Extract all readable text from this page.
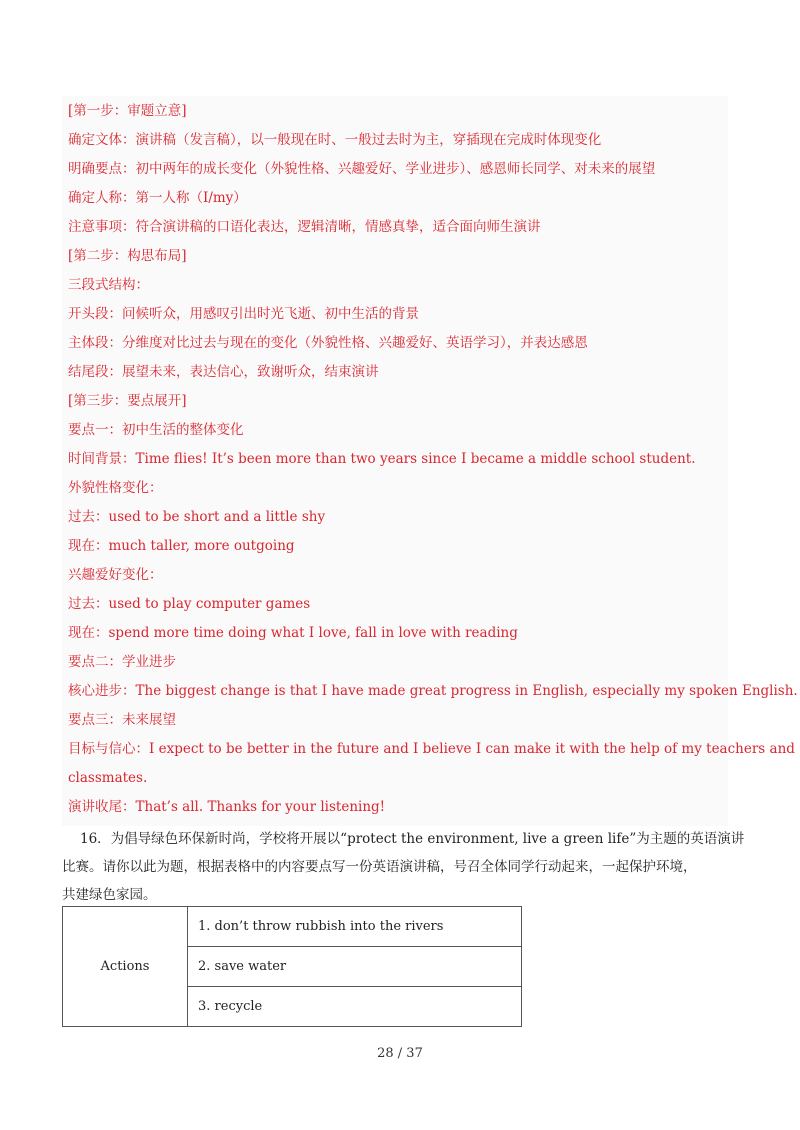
[第一步：审题立意]
确定文体：演讲稿（发言稿），以一般现在时、一般过去时为主，穿插现在完成时体现变化
明确要点：初中两年的成长变化（外貌性格、兴趣爱好、学业进步）、感恩师长同学、对未来的展望
确定人称：第一人称（I/my）
注意事项：符合演讲稿的口语化表达，逻辑清晰，情感真挚，适合面向师生演讲
[第二步：构思布局]
三段式结构：
开头段：问候听众，用感叹引出时光飞逝、初中生活的背景
主体段：分维度对比过去与现在的变化（外貌性格、兴趣爱好、英语学习），并表达感恩
结尾段：展望未来，表达信心，致谢听众，结束演讲
[第三步：要点展开]
要点一：初中生活的整体变化
时间背景：Time flies! It’s been more than two years since I became a middle school student.
外貌性格变化：
过去：used to be short and a little shy
现在：much taller, more outgoing
兴趣爱好变化：
过去：used to play computer games
现在：spend more time doing what I love, fall in love with reading
要点二：学业进步
核心进步：The biggest change is that I have made great progress in English, especially my spoken English.
要点三：未来展望
目标与信心：I expect to be better in the future and I believe I can make it with the help of my teachers and
classmates.
演讲收尾：That’s all. Thanks for your listening!
16．为倡导绿色环保新时尚，学校将开展以“protect the environment, live a green life”为主题的英语演讲
比赛。请你以此为题，根据表格中的内容要点写一份英语演讲稿，号召全体同学行动起来，一起保护环境，
共建绿色家园。
Actions	1. don’t throw rubbish into the rivers
2. save water
3. recycle
28 / 37
